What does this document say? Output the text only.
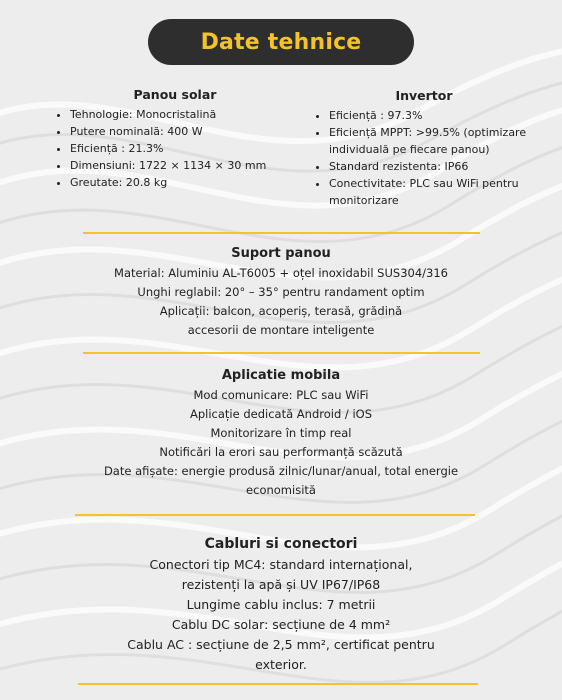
Date tehnice
Panou solar
• Tehnologie: Monocristalină
• Putere nominală: 400 W
• Eficiență : 21.3%
• Dimensiuni: 1722 × 1134 × 30 mm
• Greutate: 20.8 kg
Invertor
• Eficiență : 97.3%
• Eficiență MPPT: >99.5% (optimizare individuală pe fiecare panou)
• Standard rezistenta: IP66
• Conectivitate: PLC sau WiFi pentru monitorizare
Suport panou

Material: Aluminiu AL-T6005 + oțel inoxidabil SUS304/316

Unghi reglabil: 20° – 35° pentru randament optim

Aplicații: balcon, acoperiș, terasă, grădină

accesorii de montare inteligente

Aplicatie mobila

Mod comunicare: PLC sau WiFi

Aplicație dedicată Android / iOS

Monitorizare în timp real

Notificări la erori sau performanță scăzută

Date afișate: energie produsă zilnic/lunar/anual, total energie

economisită

Cabluri si conectori

Conectori tip MC4: standard internațional,

rezistenți la apă și UV IP67/IP68

Lungime cablu inclus: 7 metrii

Cablu DC solar: secțiune de 4 mm²

Cablu AC : secțiune de 2,5 mm², certificat pentru

exterior.
